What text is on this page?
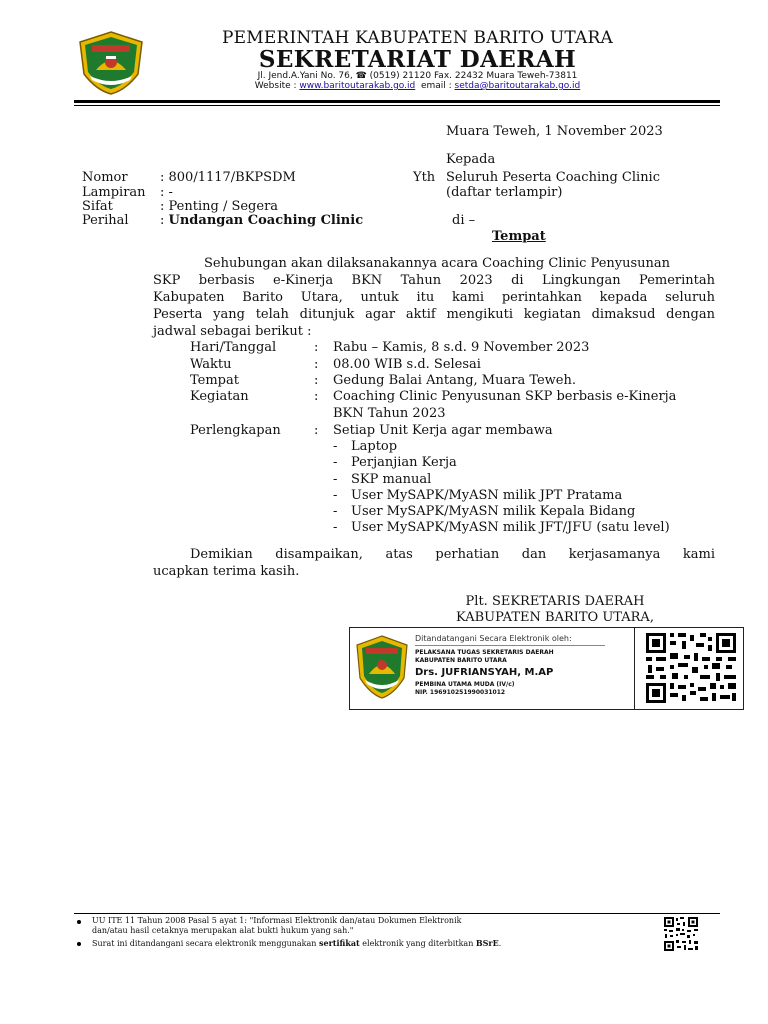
PEMERINTAH KABUPATEN BARITO UTARA
SEKRETARIAT DAERAH
Jl. Jend.A.Yani No. 76, ☎ (0519) 21120 Fax. 22432 Muara Teweh-73811
Website : www.baritoutarakab.go.id  email : setda@baritoutarakab.go.id
Muara Teweh, 1 November 2023
Kepada
Nomor : 800/1117/BKPSDM
Lampiran : -
Sifat	: Penting / Segera
Perihal : Undangan Coaching Clinic
Yth Seluruh Peserta Coaching Clinic
(daftar terlampir)
di –
Tempat
Sehubungan akan dilaksanakannya acara Coaching Clinic Penyusunan
SKP berbasis e-Kinerja BKN Tahun 2023 di Lingkungan Pemerintah
Kabupaten Barito Utara, untuk itu kami perintahkan kepada seluruh
Peserta yang telah ditunjuk agar aktif mengikuti kegiatan dimaksud dengan
jadwal sebagai berikut :
Hari/Tanggal	: Rabu – Kamis, 8 s.d. 9 November 2023
Waktu	: 08.00 WIB s.d. Selesai
Tempat	: Gedung Balai Antang, Muara Teweh.
Kegiatan	: Coaching Clinic Penyusunan SKP berbasis e-Kinerja
BKN Tahun 2023
Perlengkapan	: Setiap Unit Kerja agar membawa
- Laptop
- Perjanjian Kerja
- SKP manual
- User MySAPK/MyASN milik JPT Pratama
- User MySAPK/MyASN milik Kepala Bidang
- User MySAPK/MyASN milik JFT/JFU (satu level)
Demikian disampaikan, atas perhatian dan kerjasamanya kami
ucapkan terima kasih.
Plt. SEKRETARIS DAERAH
KABUPATEN BARITO UTARA,
Ditandatangani Secara Elektronik oleh:
PELAKSANA TUGAS SEKRETARIS DAERAH
KABUPATEN BARITO UTARA
Drs. JUFRIANSYAH, M.AP
PEMBINA UTAMA MUDA (IV/c)
NIP. 196910251990031012
UU ITE 11 Tahun 2008 Pasal 5 ayat 1: "Informasi Elektronik dan/atau Dokumen Elektronik
dan/atau hasil cetaknya merupakan alat bukti hukum yang sah."
Surat ini ditandangani secara elektronik menggunakan sertifikat elektronik yang diterbitkan BSrE.
